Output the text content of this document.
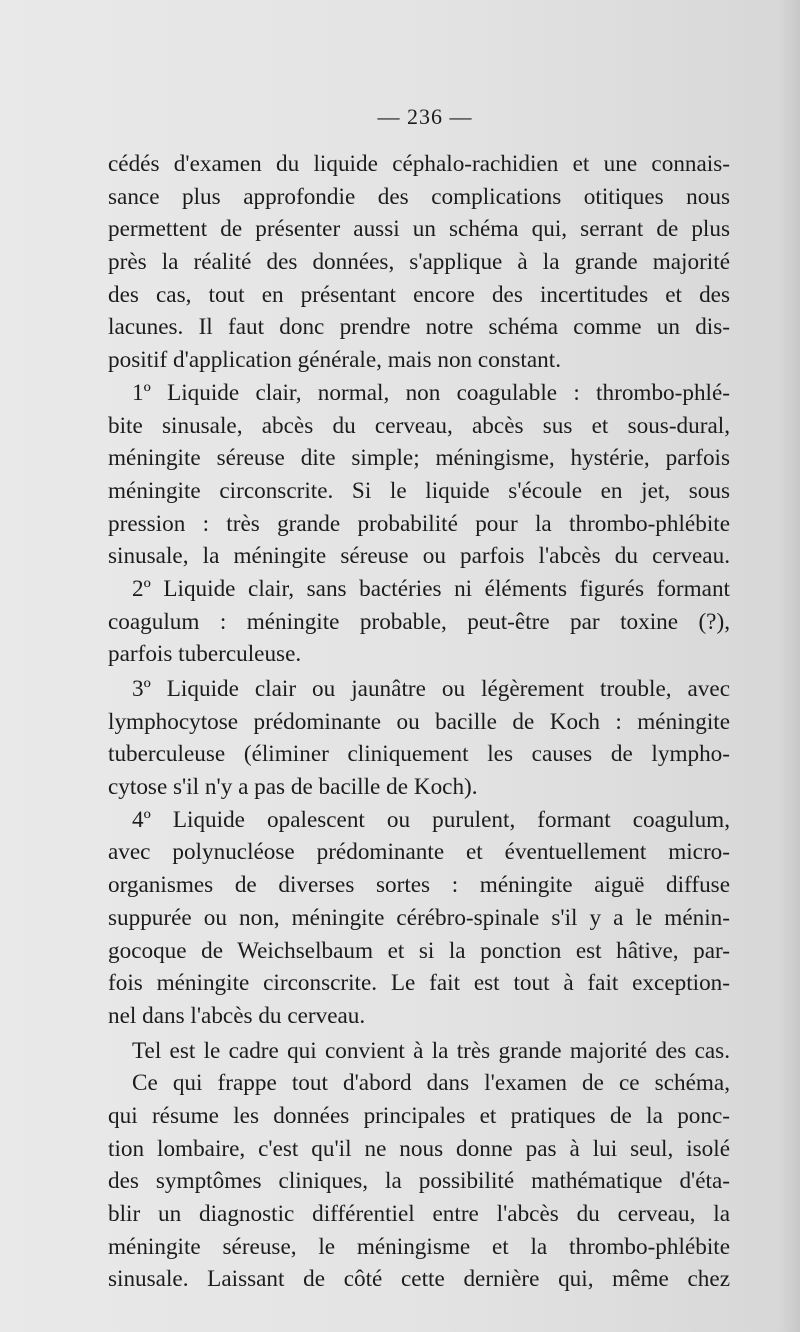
— 236 —
cédés d'examen du liquide céphalo-rachidien et une connais-
sance plus approfondie des complications otitiques nous
permettent de présenter aussi un schéma qui, serrant de plus
près la réalité des données, s'applique à la grande majorité
des cas, tout en présentant encore des incertitudes et des
lacunes. Il faut donc prendre notre schéma comme un dis-
positif d'application générale, mais non constant.
1º Liquide clair, normal, non coagulable : thrombo-phlé-
bite sinusale, abcès du cerveau, abcès sus et sous-dural,
méningite séreuse dite simple; méningisme, hystérie, parfois
méningite circonscrite. Si le liquide s'écoule en jet, sous
pression : très grande probabilité pour la thrombo-phlébite
sinusale, la méningite séreuse ou parfois l'abcès du cerveau.
2º Liquide clair, sans bactéries ni éléments figurés formant
coagulum : méningite probable, peut-être par toxine (?),
parfois tuberculeuse.
3º Liquide clair ou jaunâtre ou légèrement trouble, avec
lymphocytose prédominante ou bacille de Koch : méningite
tuberculeuse (éliminer cliniquement les causes de lympho-
cytose s'il n'y a pas de bacille de Koch).
4º Liquide opalescent ou purulent, formant coagulum,
avec polynucléose prédominante et éventuellement micro-
organismes de diverses sortes : méningite aiguë diffuse
suppurée ou non, méningite cérébro-spinale s'il y a le ménin-
gocoque de Weichselbaum et si la ponction est hâtive, par-
fois méningite circonscrite. Le fait est tout à fait exception-
nel dans l'abcès du cerveau.
Tel est le cadre qui convient à la très grande majorité des cas.
Ce qui frappe tout d'abord dans l'examen de ce schéma,
qui résume les données principales et pratiques de la ponc-
tion lombaire, c'est qu'il ne nous donne pas à lui seul, isolé
des symptômes cliniques, la possibilité mathématique d'éta-
blir un diagnostic différentiel entre l'abcès du cerveau, la
méningite séreuse, le méningisme et la thrombo-phlébite
sinusale. Laissant de côté cette dernière qui, même chez
